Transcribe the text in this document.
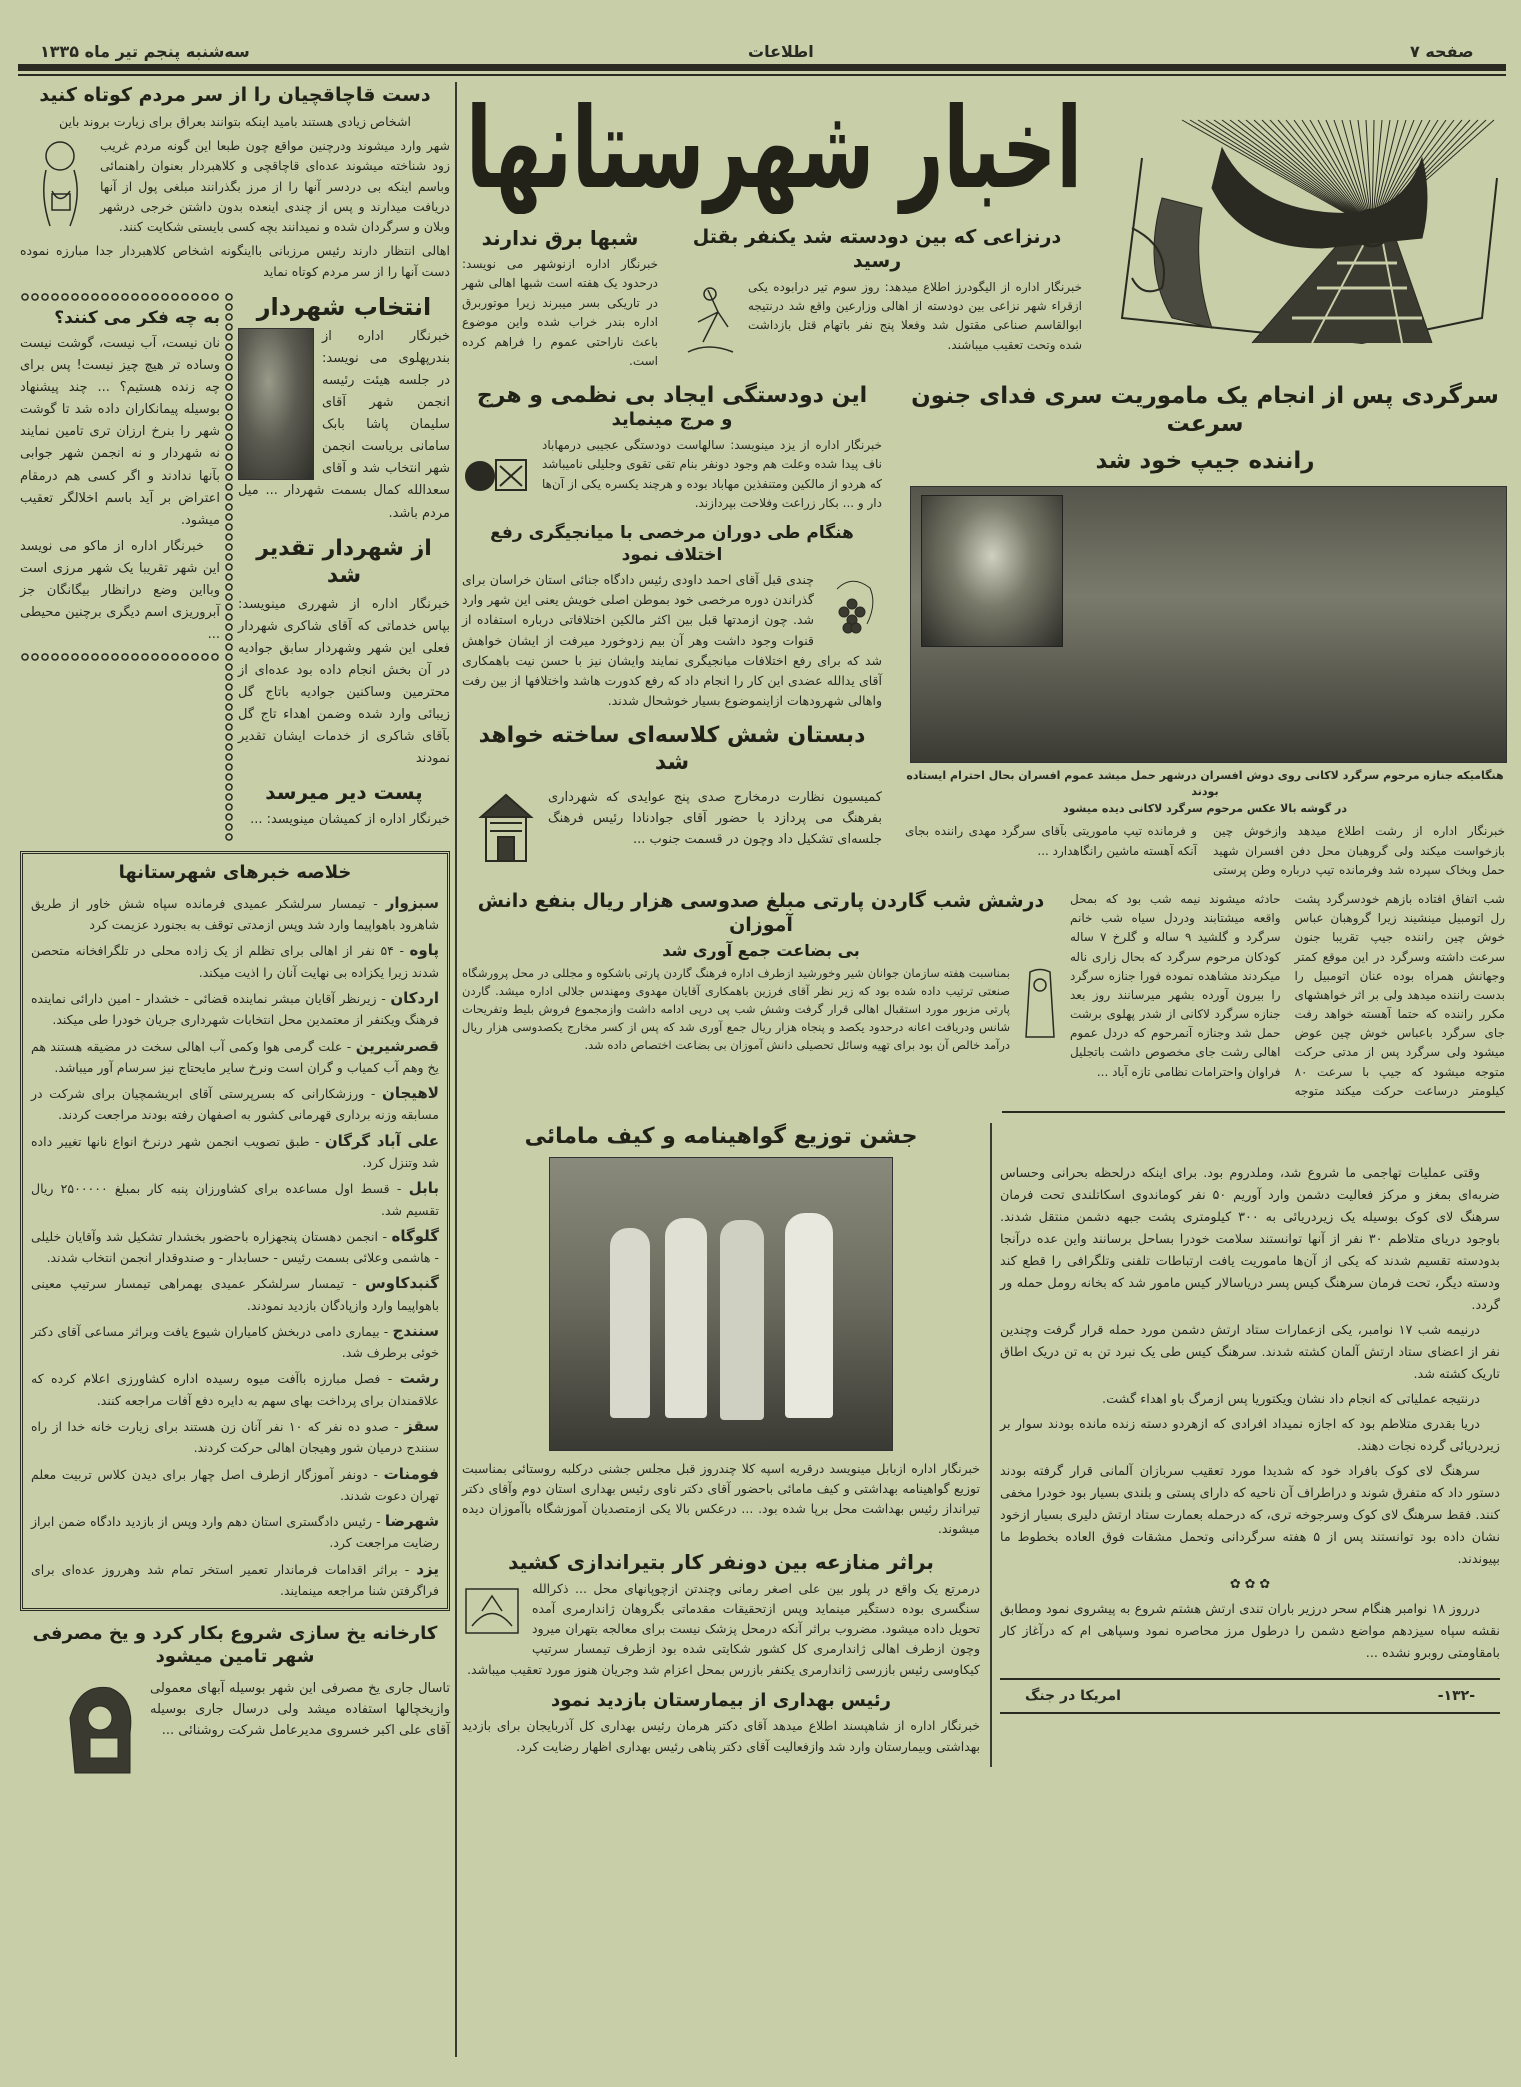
سه‌شنبه پنجم تیر ماه ۱۳۳۵	اطلاعات	صفحه ۷
اخبار شهرستانها
دست قاچاقچیان را از سر مردم کوتاه کنید
اشخاص زیادی هستند بامید اینکه بتوانند بعراق برای زیارت بروند باین
شهر وارد میشوند ودرچنین مواقع چون طبعا این گونه مردم غریب زود شناخته میشوند عده‌ای قاچاقچی و کلاهبردار بعنوان راهنمائی وباسم اینکه بی دردسر آنها را از مرز بگذرانند مبلغی پول از آنها دریافت میدارند و پس از چندی اینعده بدون داشتن خرجی درشهر وبلان و سرگردان شده و نمیدانند بچه کسی بایستی شکایت کنند.
اهالی انتظار دارند رئیس مرزبانی بااینگونه اشخاص کلاهبردار جدا مبارزه نموده دست آنها را از سر مردم کوتاه نماید
به چه فکر می کنند؟
نان نیست، آب نیست، گوشت نیست وساده تر هیچ چیز نیست! پس برای چه زنده هستیم؟ ... چند پیشنهاد بوسیله پیمانکاران داده شد تا گوشت شهر را بنرخ ارزان تری تامین نمایند نه شهردار و نه انجمن شهر جوابی بآنها ندادند و اگر کسی هم درمقام اعتراض بر آید باسم اخلالگر تعقیب میشود.
خبرنگار اداره از ماکو می نویسد این شهر تقریبا یک شهر مرزی است وبااین وضع درانظار بیگانگان جز آبروریزی اسم دیگری برچنین محیطی ...
انتخاب شهردار
خبرنگار اداره از بندرپهلوی می نویسد: در جلسه هیئت رئیسه انجمن شهر آقای سلیمان پاشا بابک سامانی بریاست انجمن شهر انتخاب شد و آقای سعدالله کمال بسمت شهردار ... میل مردم باشد.
از شهردار تقدیر شد
خبرنگار اداره از شهرری مینویسد: بپاس خدماتی که آقای شاکری شهردار فعلی این شهر وشهردار سابق جوادیه در آن بخش انجام داده بود عده‌ای از محترمین وساکنین جوادیه باتاج گل زیبائی وارد شده وضمن اهداء تاج گل بآقای شاکری از خدمات ایشان تقدیر نمودند
پست دیر میرسد
خبرنگار اداره از کمیشان مینویسد: ...
خلاصه خبرهای شهرستانها

سبزوار - تیمسار سرلشکر عمیدی فرمانده سپاه شش خاور از طریق شاهرود باهواپیما وارد شد وپس ازمدتی توقف به بجنورد عزیمت کرد

پاوه - ۵۴ نفر از اهالی برای تظلم از یک زاده محلی در تلگرافخانه متحصن شدند زیرا یکزاده بی نهایت آنان را اذیت میکند.

اردکان - زیرنظر آقایان مبشر نماینده قضائی - خشدار - امین دارائی نماینده فرهنگ ویکنفر از معتمدین محل انتخابات شهرداری جریان خودرا طی میکند.

قصرشیرین - علت گرمی هوا وکمی آب اهالی سخت در مضیقه هستند هم یخ وهم آب کمیاب و گران است ونرخ سایر مایحتاج نیز سرسام آور میباشد.

لاهیجان - ورزشکارانی که بسرپرستی آقای ابریشمچیان برای شرکت در مسابقه وزنه برداری قهرمانی کشور به اصفهان رفته بودند مراجعت کردند.

علی آباد گرگان - طبق تصویب انجمن شهر درنرخ انواع نانها تغییر داده شد وتنزل کرد.

بابل - قسط اول مساعده برای کشاورزان پنبه کار بمبلغ ۲۵۰۰۰۰۰ ریال تقسیم شد.

گلوگاه - انجمن دهستان پنجهزاره باحضور بخشدار تشکیل شد وآقایان خلیلی - هاشمی وعلائی بسمت رئیس - حسابدار - و صندوقدار انجمن انتخاب شدند.

گنبدکاوس - تیمسار سرلشکر عمیدی بهمراهی تیمسار سرتیپ معینی باهواپیما وارد وازپادگان بازدید نمودند.

سنندج - بیماری دامی دربخش کامیاران شیوع یافت وبراثر مساعی آقای دکتر خوئی برطرف شد.

رشت - فصل مبارزه باآفت میوه رسیده اداره کشاورزی اعلام کرده که علاقمندان برای پرداخت بهای سهم به دایره دفع آفات مراجعه کنند.

سقز - صدو ده نفر که ۱۰ نفر آنان زن هستند برای زیارت خانه خدا از راه سنندج درمیان شور وهیجان اهالی حرکت کردند.

فومنات - دونفر آموزگار ازطرف اصل چهار برای دیدن کلاس تربیت معلم تهران دعوت شدند.

شهرضا - رئیس دادگستری استان دهم وارد وپس از بازدید دادگاه ضمن ابراز رضایت مراجعت کرد.

یزد - براثر اقدامات فرماندار تعمیر استخر تمام شد وهرروز عده‌ای برای فراگرفتن شنا مراجعه مینمایند.

کارخانه یخ سازی شروع بکار کرد و یخ مصرفی
شهر تامین میشود
تاسال جاری یخ مصرفی این شهر بوسیله آبهای معمولی وازیخچالها استفاده میشد ولی درسال جاری بوسیله آقای علی اکبر خسروی مدیرعامل شرکت روشنائی ...
شبها برق ندارند
خبرنگار اداره ازنوشهر می نویسد: درحدود یک هفته است شبها اهالی شهر در تاریکی بسر میبرند زیرا موتوربرق اداره بندر خراب شده واین موضوع باعث ناراحتی عموم را فراهم کرده است.
درنزاعی که بین دودسته شد یکنفر بقتل رسید
خبرنگار اداره از الیگودرز اطلاع میدهد: روز سوم تیر درابوده یکی ازقراء شهر نزاعی بین دودسته از اهالی وزارعین واقع شد درنتیجه ابوالقاسم صناعی مقتول شد وفعلا پنج نفر باتهام قتل بازداشت شده وتحت تعقیب میباشند.
این دودستگی ایجاد بی نظمی و هرج
و مرج مینماید
خبرنگار اداره از یزد مینویسد: سالهاست دودستگی عجیبی درمهاباد ناف پیدا شده وعلت هم وجود دونفر بنام تقی تقوی وجلیلی نامیباشد که هردو از مالکین ومتنفذین مهاباد بوده و هرچند یکسره یکی از آن‌ها دار و ... بکار زراعت وفلاحت بپردازند.
هنگام طی دوران مرخصی با میانجیگری رفع اختلاف نمود
چندی قبل آقای احمد داودی رئیس دادگاه جنائی استان خراسان برای گذراندن دوره مرخصی خود بموطن اصلی خویش یعنی این شهر وارد شد. چون ازمدتها قبل بین اکثر مالکین اختلافاتی درباره استفاده از قنوات وجود داشت وهر آن بیم زدوخورد میرفت از ایشان خواهش شد که برای رفع اختلافات میانجیگری نمایند وایشان نیز با حسن نیت باهمکاری آقای یدالله عضدی این کار را انجام داد که رفع کدورت هاشد واختلافها از بین رفت واهالی شهرودهات ازاینموضوع بسیار خوشحال شدند.
دبستان شش کلاسه‌ای ساخته خواهد شد
کمیسیون نظارت درمخارج صدی پنج عوایدی که شهرداری بفرهنگ می پردازد با حضور آقای جوادنادا رئیس فرهنگ جلسه‌ای تشکیل داد وچون در قسمت جنوب ...
سرگردی پس از انجام یک ماموریت سری فدای جنون سرعت
راننده جیپ خود شد
هنگامیکه جنازه مرحوم سرگرد لاکانی روی دوش افسران درشهر حمل میشد عموم افسران بحال احترام ایستاده بودند
در گوشه بالا عکس مرحوم سرگرد لاکانی دیده میشود
خبرنگار اداره از رشت اطلاع میدهد وازخوش چین بازخواست میکند ولی گروهبان محل دفن افسران شهید حمل وبخاک سپرده شد وفرمانده تیپ درباره وطن پرستی و فرمانده تیپ ماموریتی بآقای سرگرد مهدی راننده بجای آنکه آهسته ماشین رانگاهدارد ...
درشش شب گاردن پارتی مبلغ صدوسی هزار ریال بنفع دانش آموزان
بی بضاعت جمع آوری شد
بمناسبت هفته سازمان جوانان شیر وخورشید ازطرف اداره فرهنگ گاردن پارتی باشکوه و مجللی در محل پرورشگاه صنعتی ترتیب داده شده بود که زیر نظر آقای فرزین باهمکاری آقایان مهدوی ومهندس جلالی اداره میشد. گاردن پارتی مزبور مورد استقبال اهالی قرار گرفت وشش شب پی درپی ادامه داشت وازمجموع فروش بلیط وتفریحات شانس ودریافت اعانه درحدود یکصد و پنجاه هزار ریال جمع آوری شد که پس از کسر مخارج یکصدوسی هزار ریال درآمد خالص آن بود برای تهیه وسائل تحصیلی دانش آموزان بی بضاعت اختصاص داده شد.
شب اتفاق افتاده بازهم خودسرگرد پشت رل اتومبیل مینشیند زیرا گروهبان عباس خوش چین راننده جیپ تقریبا جنون سرعت داشته وسرگرد در این موقع کمتر وجهانش همراه بوده عنان اتومبیل را بدست راننده میدهد ولی بر اثر خواهشهای مکرر راننده که حتما آهسته خواهد رفت جای سرگرد باعباس خوش چین عوض میشود ولی سرگرد پس از مدتی حرکت متوجه میشود که جیپ با سرعت ۸۰ کیلومتر درساعت حرکت میکند متوجه حادثه میشوند نیمه شب بود که بمحل واقعه میشتابند ودردل سیاه شب خانم سرگرد و گلشید ۹ ساله و گلرخ ۷ ساله کودکان مرحوم سرگرد که بحال زاری ناله میکردند مشاهده نموده فورا جنازه سرگرد را بیرون آورده بشهر میرسانند روز بعد جنازه سرگرد لاکانی از شدر پهلوی برشت حمل شد وجنازه آنمرحوم که دردل عموم اهالی رشت جای مخصوص داشت باتجلیل فراوان واحترامات نظامی تازه آباد ...
جشن توزیع گواهینامه و کیف مامائی
خبرنگار اداره ازبابل مینویسد درقریه اسپه کلا چندروز قبل مجلس جشنی درکلبه روستائی بمناسبت توزیع گواهینامه بهداشتی و کیف مامائی باحضور آقای دکتر ناوی رئیس بهداری استان دوم وآقای دکتر تیرانداز رئیس بهداشت محل برپا شده بود. ... درعکس بالا یکی ازمتصدیان آموزشگاه باآموزان دیده میشوند.
براثر منازعه بین دونفر کار بتیراندازی کشید
درمرتع یک واقع در پلور بین علی اصغر رمانی وچندتن ازچوپانهای محل ... ذکرالله سنگسری بوده دستگیر مینماید وپس ازتحقیقات مقدماتی بگروهان ژاندارمری آمده تحویل داده میشود. مضروب براثر آنکه درمحل پزشک نیست برای معالجه بتهران میرود وچون ازطرف اهالی ژاندارمری کل کشور شکایتی شده بود ازطرف تیمسار سرتیپ کیکاوسی رئیس بازرسی ژاندارمری یکنفر بازرس بمحل اعزام شد وجریان هنوز مورد تعقیب میباشد.
رئیس بهداری از بیمارستان بازدید نمود
خبرنگار اداره از شاهپسند اطلاع میدهد آقای دکتر هرمان رئیس بهداری کل آذربایجان برای بازدید بهداشتی وبیمارستان وارد شد وازفعالیت آقای دکتر پناهی رئیس بهداری اظهار رضایت کرد.

وقتی عملیات تهاجمی ما شروع شد، وملدروم بود. برای اینکه درلحظه بحرانی وحساس ضربه‌ای بمغز و مرکز فعالیت دشمن وارد آوریم ۵۰ نفر کوماندوی اسکاتلندی تحت فرمان سرهنگ لای کوک بوسیله یک زیردریائی به ۳۰۰ کیلومتری پشت جبهه دشمن منتقل شدند. باوجود دریای متلاطم ۳۰ نفر از آنها توانستند سلامت خودرا بساحل برسانند واین عده درآنجا بدودسته تقسیم شدند که یکی از آن‌ها ماموریت یافت ارتباطات تلفنی وتلگرافی را قطع کند ودسته دیگر، تحت فرمان سرهنگ کیس پسر دریاسالار کیس مامور شد که بخانه رومل حمله ور گردد.

درنیمه شب ۱۷ نوامبر، یکی ازعمارات ستاد ارتش دشمن مورد حمله قرار گرفت وچندین نفر از اعضای ستاد ارتش آلمان کشته شدند. سرهنگ کیس طی یک نبرد تن به تن دریک اطاق تاریک کشته شد.

درنتیجه عملیاتی که انجام داد نشان ویکتوریا پس ازمرگ باو اهداء گشت.

دریا بقدری متلاطم بود که اجازه نمیداد افرادی که ازهردو دسته زنده مانده بودند سوار بر زیردریائی گرده نجات دهند.

سرهنگ لای کوک بافراد خود که شدیدا مورد تعقیب سربازان آلمانی قرار گرفته بودند دستور داد که متفرق شوند و دراطراف آن ناحیه که دارای پستی و بلندی بسیار بود خودرا مخفی کنند. فقط سرهنگ لای کوک وسرجوخه تری، که درحمله بعمارت ستاد ارتش دلیری بسیار ازخود نشان داده بود توانستند پس از ۵ هفته سرگردانی وتحمل مشقات فوق العاده بخطوط ما بپیوندند.

✿ ✿ ✿

درروز ۱۸ نوامبر هنگام سحر درزیر باران تندی ارتش هشتم شروع به پیشروی نمود ومطابق نقشه سپاه سیزدهم مواضع دشمن را درطول مرز محاصره نمود وسپاهی ام که درآغاز کار بامقاومتی روبرو نشده ...

امریکا در جنگ	-۱۳۲-
